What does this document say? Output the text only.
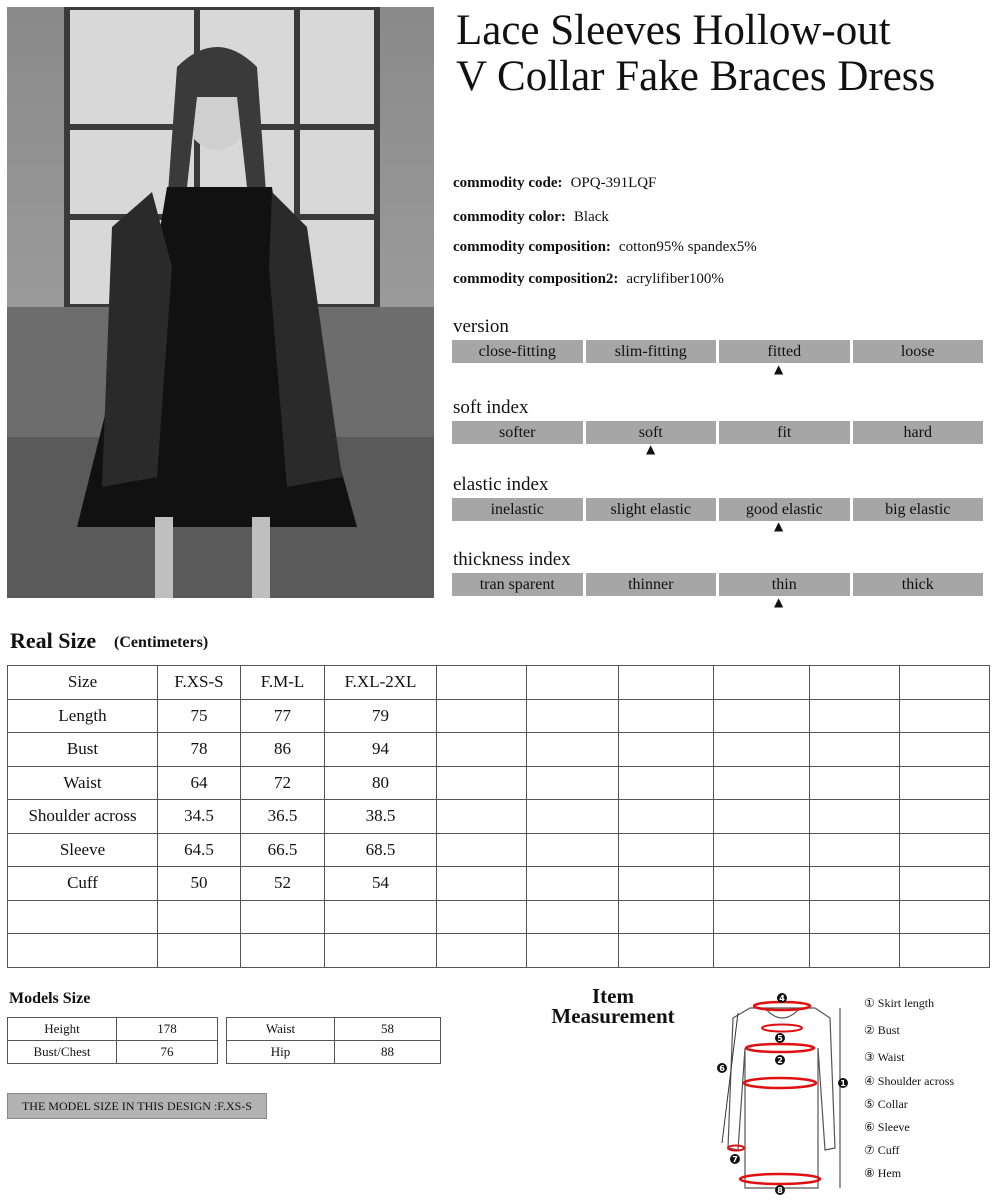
Lace Sleeves Hollow-out
V Collar Fake Braces Dress
commodity code: OPQ-391LQF
commodity color: Black
commodity composition: cotton95% spandex5%
commodity composition2: acrylifiber100%
version
close-fitting	slim-fitting	fitted	loose
▲
soft index
softer	soft	fit	hard
▲
elastic index
inelastic	slight elastic	good elastic	big elastic
▲
thickness index
tran sparent	thinner	thin	thick
▲
Real Size (Centimeters)
Size	F.XS-S	F.M-L	F.XL-2XL						
Length	75	77	79						
Bust	78	86	94						
Waist	64	72	80						
Shoulder across	34.5	36.5	38.5						
Sleeve	64.5	66.5	68.5						
Cuff	50	52	54						

Models Size
Height	178
Bust/Chest	76
Waist	58
Hip	88
THE MODEL SIZE IN THIS DESIGN :F.XS-S
Item
Measurement
4
5
2
6
1
7
8
① Skirt length
② Bust
③ Waist
④ Shoulder across
⑤ Collar
⑥ Sleeve
⑦ Cuff
⑧ Hem
